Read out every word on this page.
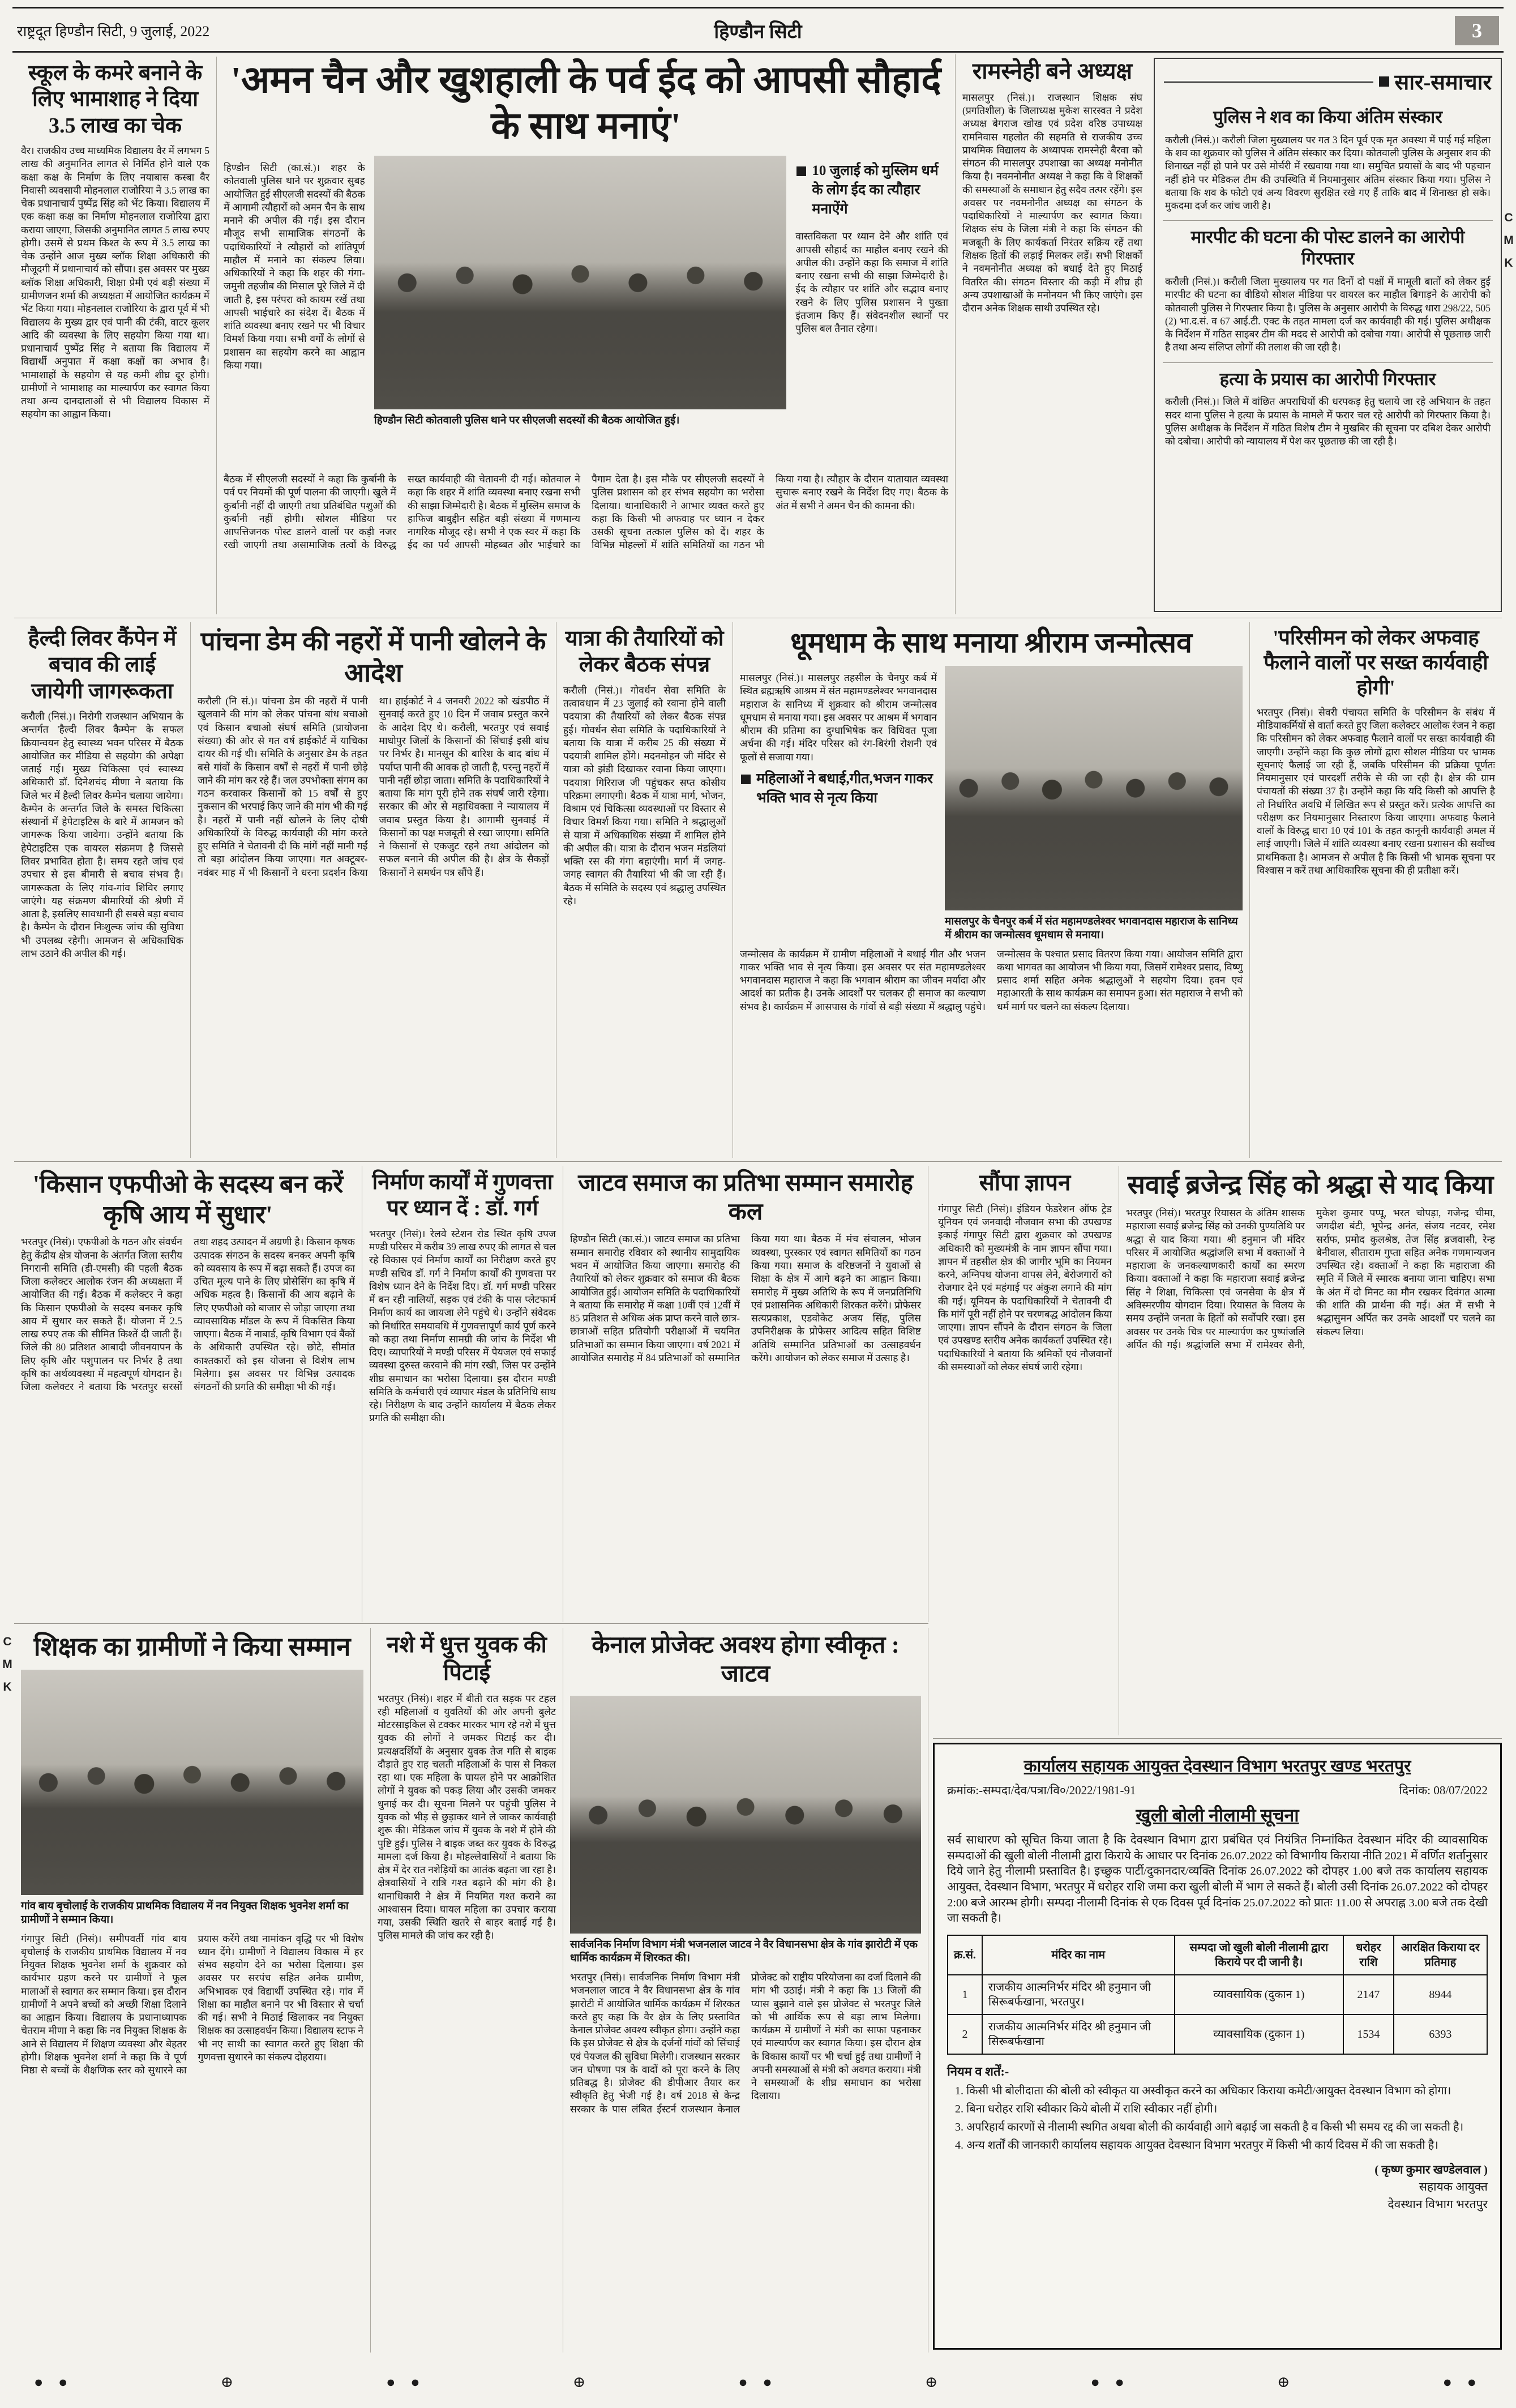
राष्ट्रदूत हिण्डौन सिटी, 9 जुलाई, 2022	हिण्डौन सिटी	3
स्कूल के कमरे बनाने के लिए भामाशाह ने दिया 3.5 लाख का चेक
वैर। राजकीय उच्च माध्यमिक विद्यालय वैर में लगभग 5 लाख की अनुमानित लागत से निर्मित होने वाले एक कक्षा कक्ष के निर्माण के लिए नयाबास कस्बा वैर निवासी व्यवसायी मोहनलाल राजोरिया ने 3.5 लाख का चेक प्रधानाचार्य पुष्पेंद्र सिंह को भेंट किया। विद्यालय में एक कक्षा कक्ष का निर्माण मोहनलाल राजोरिया द्वारा कराया जाएगा, जिसकी अनुमानित लागत 5 लाख रुपए होगी। उसमें से प्रथम किश्त के रूप में 3.5 लाख का चेक उन्होंने आज मुख्य ब्लॉक शिक्षा अधिकारी की मौजूदगी में प्रधानाचार्य को सौंपा। इस अवसर पर मुख्य ब्लॉक शिक्षा अधिकारी, शिक्षा प्रेमी एवं बड़ी संख्या में ग्रामीणजन शर्मा की अध्यक्षता में आयोजित कार्यक्रम में भेंट किया गया। मोहनलाल राजोरिया के द्वारा पूर्व में भी विद्यालय के मुख्य द्वार एवं पानी की टंकी, वाटर कूलर आदि की व्यवस्था के लिए सहयोग किया गया था। प्रधानाचार्य पुष्पेंद्र सिंह ने बताया कि विद्यालय में विद्यार्थी अनुपात में कक्षा कक्षों का अभाव है। भामाशाहों के सहयोग से यह कमी शीघ्र दूर होगी। ग्रामीणों ने भामाशाह का माल्यार्पण कर स्वागत किया तथा अन्य दानदाताओं से भी विद्यालय विकास में सहयोग का आह्वान किया।
'अमन चैन और खुशहाली के पर्व ईद को आपसी सौहार्द के साथ मनाएं'
हिण्डौन सिटी (का.सं.)। शहर के कोतवाली पुलिस थाने पर शुक्रवार सुबह आयोजित हुई सीएलजी सदस्यों की बैठक में आगामी त्यौहारों को अमन चैन के साथ मनाने की अपील की गई। इस दौरान मौजूद सभी सामाजिक संगठनों के पदाधिकारियों ने त्यौहारों को शांतिपूर्ण माहौल में मनाने का संकल्प लिया। अधिकारियों ने कहा कि शहर की गंगा-जमुनी तहजीब की मिसाल पूरे जिले में दी जाती है, इस परंपरा को कायम रखें तथा आपसी भाईचारे का संदेश दें। बैठक में शांति व्यवस्था बनाए रखने पर भी विचार विमर्श किया गया। सभी वर्गों के लोगों से प्रशासन का सहयोग करने का आह्वान किया गया।
हिण्डौन सिटी कोतवाली पुलिस थाने पर सीएलजी सदस्यों की बैठक आयोजित हुई।
10 जुलाई को मुस्लिम धर्म के लोग ईद का त्यौहार मनाऐंगे
वास्तविकता पर ध्यान देने और शांति एवं आपसी सौहार्द का माहौल बनाए रखने की अपील की। उन्होंने कहा कि समाज में शांति बनाए रखना सभी की साझा जिम्मेदारी है। ईद के त्यौहार पर शांति और सद्भाव बनाए रखने के लिए पुलिस प्रशासन ने पुख्ता इंतजाम किए हैं। संवेदनशील स्थानों पर पुलिस बल तैनात रहेगा।
बैठक में सीएलजी सदस्यों ने कहा कि कुर्बानी के पर्व पर नियमों की पूर्ण पालना की जाएगी। खुले में कुर्बानी नहीं दी जाएगी तथा प्रतिबंधित पशुओं की कुर्बानी नहीं होगी। सोशल मीडिया पर आपत्तिजनक पोस्ट डालने वालों पर कड़ी नजर रखी जाएगी तथा असामाजिक तत्वों के विरुद्ध सख्त कार्यवाही की चेतावनी दी गई। कोतवाल ने कहा कि शहर में शांति व्यवस्था बनाए रखना सभी की साझा जिम्मेदारी है। बैठक में मुस्लिम समाज के हाफिज बाबुद्दीन सहित बड़ी संख्या में गणमान्य नागरिक मौजूद रहे। सभी ने एक स्वर में कहा कि ईद का पर्व आपसी मोहब्बत और भाईचारे का पैगाम देता है। इस मौके पर सीएलजी सदस्यों ने पुलिस प्रशासन को हर संभव सहयोग का भरोसा दिलाया। थानाधिकारी ने आभार व्यक्त करते हुए कहा कि किसी भी अफवाह पर ध्यान न देकर उसकी सूचना तत्काल पुलिस को दें। शहर के विभिन्न मोहल्लों में शांति समितियों का गठन भी किया गया है। त्यौहार के दौरान यातायात व्यवस्था सुचारू बनाए रखने के निर्देश दिए गए। बैठक के अंत में सभी ने अमन चैन की कामना की।
रामस्नेही बने अध्यक्ष
मासलपुर (निसं.)। राजस्थान शिक्षक संघ (प्रगतिशील) के जिलाध्यक्ष मुकेश सारस्वत ने प्रदेश अध्यक्ष बेगराज खोख एवं प्रदेश वरिष्ठ उपाध्यक्ष रामनिवास गहलोत की सहमति से राजकीय उच्च प्राथमिक विद्यालय के अध्यापक रामस्नेही बैरवा को संगठन की मासलपुर उपशाखा का अध्यक्ष मनोनीत किया है। नवमनोनीत अध्यक्ष ने कहा कि वे शिक्षकों की समस्याओं के समाधान हेतु सदैव तत्पर रहेंगे। इस अवसर पर नवमनोनीत अध्यक्ष का संगठन के पदाधिकारियों ने माल्यार्पण कर स्वागत किया। शिक्षक संघ के जिला मंत्री ने कहा कि संगठन की मजबूती के लिए कार्यकर्ता निरंतर सक्रिय रहें तथा शिक्षक हितों की लड़ाई मिलकर लड़ें। सभी शिक्षकों ने नवमनोनीत अध्यक्ष को बधाई देते हुए मिठाई वितरित की। संगठन विस्तार की कड़ी में शीघ्र ही अन्य उपशाखाओं के मनोनयन भी किए जाएंगे। इस दौरान अनेक शिक्षक साथी उपस्थित रहे।
सार-समाचार
पुलिस ने शव का किया अंतिम संस्कार
करौली (निसं.)। करौली जिला मुख्यालय पर गत 3 दिन पूर्व एक मृत अवस्था में पाई गई महिला के शव का शुक्रवार को पुलिस ने अंतिम संस्कार कर दिया। कोतवाली पुलिस के अनुसार शव की शिनाख्त नहीं हो पाने पर उसे मोर्चरी में रखवाया गया था। समुचित प्रयासों के बाद भी पहचान नहीं होने पर मेडिकल टीम की उपस्थिति में नियमानुसार अंतिम संस्कार किया गया। पुलिस ने बताया कि शव के फोटो एवं अन्य विवरण सुरक्षित रखे गए हैं ताकि बाद में शिनाख्त हो सके। मुकदमा दर्ज कर जांच जारी है।
मारपीट की घटना की पोस्ट डालने का आरोपी गिरफ्तार
करौली (निसं.)। करौली जिला मुख्यालय पर गत दिनों दो पक्षों में मामूली बातों को लेकर हुई मारपीट की घटना का वीडियो सोशल मीडिया पर वायरल कर माहौल बिगाड़ने के आरोपी को कोतवाली पुलिस ने गिरफ्तार किया है। पुलिस के अनुसार आरोपी के विरुद्ध धारा 298/22, 505 (2) भा.द.सं. व 67 आई.टी. एक्ट के तहत मामला दर्ज कर कार्यवाही की गई। पुलिस अधीक्षक के निर्देशन में गठित साइबर टीम की मदद से आरोपी को दबोचा गया। आरोपी से पूछताछ जारी है तथा अन्य संलिप्त लोगों की तलाश की जा रही है।
हत्या के प्रयास का आरोपी गिरफ्तार
करौली (निसं.)। जिले में वांछित अपराधियों की धरपकड़ हेतु चलाये जा रहे अभियान के तहत सदर थाना पुलिस ने हत्या के प्रयास के मामले में फरार चल रहे आरोपी को गिरफ्तार किया है। पुलिस अधीक्षक के निर्देशन में गठित विशेष टीम ने मुखबिर की सूचना पर दबिश देकर आरोपी को दबोचा। आरोपी को न्यायालय में पेश कर पूछताछ की जा रही है।
हैल्दी लिवर कैंपेन में बचाव की लाई जायेगी जागरूकता
करौली (निसं.)। निरोगी राजस्थान अभियान के अन्तर्गत 'हैल्दी लिवर कैम्पेन' के सफल क्रियान्वयन हेतु स्वास्थ्य भवन परिसर में बैठक आयोजित कर मीडिया से सहयोग की अपेक्षा जताई गई। मुख्य चिकित्सा एवं स्वास्थ्य अधिकारी डॉ. दिनेशचंद मीणा ने बताया कि जिले भर में हैल्दी लिवर कैम्पेन चलाया जायेगा। कैम्पेन के अन्तर्गत जिले के समस्त चिकित्सा संस्थानों में हेपेटाइटिस के बारे में आमजन को जागरूक किया जावेगा। उन्होंने बताया कि हेपेटाइटिस एक वायरल संक्रमण है जिससे लिवर प्रभावित होता है। समय रहते जांच एवं उपचार से इस बीमारी से बचाव संभव है। जागरूकता के लिए गांव-गांव शिविर लगाए जाएंगे। यह संक्रमण बीमारियों की श्रेणी में आता है, इसलिए सावधानी ही सबसे बड़ा बचाव है। कैम्पेन के दौरान निःशुल्क जांच की सुविधा भी उपलब्ध रहेगी। आमजन से अधिकाधिक लाभ उठाने की अपील की गई।
पांचना डेम की नहरों में पानी खोलने के आदेश
करौली (नि सं.)। पांचना डेम की नहरों में पानी खुलवाने की मांग को लेकर पांचना बांध बचाओ एवं किसान बचाओ संघर्ष समिति (प्रायोजना संख्या) की ओर से गत वर्ष हाईकोर्ट में याचिका दायर की गई थी। समिति के अनुसार डेम के तहत बसे गांवों के किसान वर्षों से नहरों में पानी छोड़े जाने की मांग कर रहे हैं। जल उपभोक्ता संगम का गठन करवाकर किसानों को 15 वर्षों से हुए नुकसान की भरपाई किए जाने की मांग भी की गई है। नहरों में पानी नहीं खोलने के लिए दोषी अधिकारियों के विरुद्ध कार्यवाही की मांग करते हुए समिति ने चेतावनी दी कि मांगें नहीं मानी गईं तो बड़ा आंदोलन किया जाएगा। गत अक्टूबर-नवंबर माह में भी किसानों ने धरना प्रदर्शन किया था। हाईकोर्ट ने 4 जनवरी 2022 को खंडपीठ में सुनवाई करते हुए 10 दिन में जवाब प्रस्तुत करने के आदेश दिए थे। करौली, भरतपुर एवं सवाई माधोपुर जिलों के किसानों की सिंचाई इसी बांध पर निर्भर है। मानसून की बारिश के बाद बांध में पर्याप्त पानी की आवक हो जाती है, परन्तु नहरों में पानी नहीं छोड़ा जाता। समिति के पदाधिकारियों ने बताया कि मांग पूरी होने तक संघर्ष जारी रहेगा। सरकार की ओर से महाधिवक्ता ने न्यायालय में जवाब प्रस्तुत किया है। आगामी सुनवाई में किसानों का पक्ष मजबूती से रखा जाएगा। समिति ने किसानों से एकजुट रहने तथा आंदोलन को सफल बनाने की अपील की है। क्षेत्र के सैकड़ों किसानों ने समर्थन पत्र सौंपे हैं।
यात्रा की तैयारियों को लेकर बैठक संपन्न
करौली (निसं.)। गोवर्धन सेवा समिति के तत्वावधान में 23 जुलाई को रवाना होने वाली पदयात्रा की तैयारियों को लेकर बैठक संपन्न हुई। गोवर्धन सेवा समिति के पदाधिकारियों ने बताया कि यात्रा में करीब 25 की संख्या में पदयात्री शामिल होंगे। मदनमोहन जी मंदिर से यात्रा को झंडी दिखाकर रवाना किया जाएगा। पदयात्रा गिरिराज जी पहुंचकर सप्त कोसीय परिक्रमा लगाएगी। बैठक में यात्रा मार्ग, भोजन, विश्राम एवं चिकित्सा व्यवस्थाओं पर विस्तार से विचार विमर्श किया गया। समिति ने श्रद्धालुओं से यात्रा में अधिकाधिक संख्या में शामिल होने की अपील की। यात्रा के दौरान भजन मंडलियां भक्ति रस की गंगा बहाएंगी। मार्ग में जगह-जगह स्वागत की तैयारियां भी की जा रही हैं। बैठक में समिति के सदस्य एवं श्रद्धालु उपस्थित रहे।
धूमधाम के साथ मनाया श्रीराम जन्मोत्सव
मासलपुर (निसं.)। मासलपुर तहसील के चैनपुर कर्ब में स्थित ब्रह्मऋषि आश्रम में संत महामण्डलेश्वर भगवानदास महाराज के सानिध्य में शुक्रवार को श्रीराम जन्मोत्सव धूमधाम से मनाया गया। इस अवसर पर आश्रम में भगवान श्रीराम की प्रतिमा का दुग्धाभिषेक कर विधिवत पूजा अर्चना की गई। मंदिर परिसर को रंग-बिरंगी रोशनी एवं फूलों से सजाया गया।
महिलाओं ने बधाई,गीत,भजन गाकर भक्ति भाव से नृत्य किया
मासलपुर के चैनपुर कर्ब में संत महामण्डलेश्वर भगवानदास महाराज के सानिध्य में श्रीराम का जन्मोत्सव धूमधाम से मनाया।
जन्मोत्सव के कार्यक्रम में ग्रामीण महिलाओं ने बधाई गीत और भजन गाकर भक्ति भाव से नृत्य किया। इस अवसर पर संत महामण्डलेश्वर भगवानदास महाराज ने कहा कि भगवान श्रीराम का जीवन मर्यादा और आदर्श का प्रतीक है। उनके आदर्शों पर चलकर ही समाज का कल्याण संभव है। कार्यक्रम में आसपास के गांवों से बड़ी संख्या में श्रद्धालु पहुंचे। जन्मोत्सव के पश्चात प्रसाद वितरण किया गया। आयोजन समिति द्वारा कथा भागवत का आयोजन भी किया गया, जिसमें रामेश्वर प्रसाद, विष्णु प्रसाद शर्मा सहित अनेक श्रद्धालुओं ने सहयोग दिया। हवन एवं महाआरती के साथ कार्यक्रम का समापन हुआ। संत महाराज ने सभी को धर्म मार्ग पर चलने का संकल्प दिलाया।
'परिसीमन को लेकर अफवाह फैलाने वालों पर सख्त कार्यवाही होगी'
भरतपुर (निसं)। सेवरी पंचायत समिति के परिसीमन के संबंध में मीडियाकर्मियों से वार्ता करते हुए जिला कलेक्टर आलोक रंजन ने कहा कि परिसीमन को लेकर अफवाह फैलाने वालों पर सख्त कार्यवाही की जाएगी। उन्होंने कहा कि कुछ लोगों द्वारा सोशल मीडिया पर भ्रामक सूचनाएं फैलाई जा रही हैं, जबकि परिसीमन की प्रक्रिया पूर्णतः नियमानुसार एवं पारदर्शी तरीके से की जा रही है। क्षेत्र की ग्राम पंचायतों की संख्या 37 है। उन्होंने कहा कि यदि किसी को आपत्ति है तो निर्धारित अवधि में लिखित रूप से प्रस्तुत करें। प्रत्येक आपत्ति का परीक्षण कर नियमानुसार निस्तारण किया जाएगा। अफवाह फैलाने वालों के विरुद्ध धारा 10 एवं 101 के तहत कानूनी कार्यवाही अमल में लाई जाएगी। जिले में शांति व्यवस्था बनाए रखना प्रशासन की सर्वोच्च प्राथमिकता है। आमजन से अपील है कि किसी भी भ्रामक सूचना पर विश्वास न करें तथा आधिकारिक सूचना की ही प्रतीक्षा करें।
'किसान एफपीओ के सदस्य बन करें कृषि आय में सुधार'
भरतपुर (निसं)। एफपीओ के गठन और संवर्धन हेतु केंद्रीय क्षेत्र योजना के अंतर्गत जिला स्तरीय निगरानी समिति (डी-एमसी) की पहली बैठक जिला कलेक्टर आलोक रंजन की अध्यक्षता में आयोजित की गई। बैठक में कलेक्टर ने कहा कि किसान एफपीओ के सदस्य बनकर कृषि आय में सुधार कर सकते हैं। योजना में 2.5 लाख रुपए तक की सीमित किश्तें दी जाती हैं। जिले की 80 प्रतिशत आबादी जीवनयापन के लिए कृषि और पशुपालन पर निर्भर है तथा कृषि का अर्थव्यवस्था में महत्वपूर्ण योगदान है। जिला कलेक्टर ने बताया कि भरतपुर सरसों तथा शहद उत्पादन में अग्रणी है। किसान कृषक उत्पादक संगठन के सदस्य बनकर अपनी कृषि को व्यवसाय के रूप में बढ़ा सकते हैं। उपज का उचित मूल्य पाने के लिए प्रोसेसिंग का कृषि में अधिक महत्व है। किसानों की आय बढ़ाने के लिए एफपीओ को बाजार से जोड़ा जाएगा तथा व्यावसायिक मॉडल के रूप में विकसित किया जाएगा। बैठक में नाबार्ड, कृषि विभाग एवं बैंकों के अधिकारी उपस्थित रहे। छोटे, सीमांत काश्तकारों को इस योजना से विशेष लाभ मिलेगा। इस अवसर पर विभिन्न उत्पादक संगठनों की प्रगति की समीक्षा भी की गई।
निर्माण कार्यों में गुणवत्ता पर ध्यान दें : डॉ. गर्ग
भरतपुर (निसं)। रेलवे स्टेशन रोड स्थित कृषि उपज मण्डी परिसर में करीब 39 लाख रुपए की लागत से चल रहे विकास एवं निर्माण कार्यों का निरीक्षण करते हुए मण्डी सचिव डॉ. गर्ग ने निर्माण कार्यों की गुणवत्ता पर विशेष ध्यान देने के निर्देश दिए। डॉ. गर्ग मण्डी परिसर में बन रही नालियों, सड़क एवं टंकी के पास प्लेटफार्म निर्माण कार्य का जायजा लेने पहुंचे थे। उन्होंने संवेदक को निर्धारित समयावधि में गुणवत्तापूर्ण कार्य पूर्ण करने को कहा तथा निर्माण सामग्री की जांच के निर्देश भी दिए। व्यापारियों ने मण्डी परिसर में पेयजल एवं सफाई व्यवस्था दुरुस्त करवाने की मांग रखी, जिस पर उन्होंने शीघ्र समाधान का भरोसा दिलाया। इस दौरान मण्डी समिति के कर्मचारी एवं व्यापार मंडल के प्रतिनिधि साथ रहे। निरीक्षण के बाद उन्होंने कार्यालय में बैठक लेकर प्रगति की समीक्षा की।
जाटव समाज का प्रतिभा सम्मान समारोह कल
हिण्डौन सिटी (का.सं.)। जाटव समाज का प्रतिभा सम्मान समारोह रविवार को स्थानीय सामुदायिक भवन में आयोजित किया जाएगा। समारोह की तैयारियों को लेकर शुक्रवार को समाज की बैठक आयोजित हुई। आयोजन समिति के पदाधिकारियों ने बताया कि समारोह में कक्षा 10वीं एवं 12वीं में 85 प्रतिशत से अधिक अंक प्राप्त करने वाले छात्र-छात्राओं सहित प्रतियोगी परीक्षाओं में चयनित प्रतिभाओं का सम्मान किया जाएगा। वर्ष 2021 में आयोजित समारोह में 84 प्रतिभाओं को सम्मानित किया गया था। बैठक में मंच संचालन, भोजन व्यवस्था, पुरस्कार एवं स्वागत समितियों का गठन किया गया। समाज के वरिष्ठजनों ने युवाओं से शिक्षा के क्षेत्र में आगे बढ़ने का आह्वान किया। समारोह में मुख्य अतिथि के रूप में जनप्रतिनिधि एवं प्रशासनिक अधिकारी शिरकत करेंगे। प्रोफेसर सत्यप्रकाश, एडवोकेट अजय सिंह, पुलिस उपनिरीक्षक के प्रोफेसर आदित्य सहित विशिष्ट अतिथि सम्मानित प्रतिभाओं का उत्साहवर्धन करेंगे। आयोजन को लेकर समाज में उत्साह है।
सौंपा ज्ञापन
गंगापुर सिटी (निसं)। इंडियन फेडरेशन ऑफ ट्रेड यूनियन एवं जनवादी नौजवान सभा की उपखण्ड इकाई गंगापुर सिटी द्वारा शुक्रवार को उपखण्ड अधिकारी को मुख्यमंत्री के नाम ज्ञापन सौंपा गया। ज्ञापन में तहसील क्षेत्र की जागीर भूमि का नियमन करने, अग्निपथ योजना वापस लेने, बेरोजगारों को रोजगार देने एवं महंगाई पर अंकुश लगाने की मांग की गई। यूनियन के पदाधिकारियों ने चेतावनी दी कि मांगें पूरी नहीं होने पर चरणबद्ध आंदोलन किया जाएगा। ज्ञापन सौंपने के दौरान संगठन के जिला एवं उपखण्ड स्तरीय अनेक कार्यकर्ता उपस्थित रहे। पदाधिकारियों ने बताया कि श्रमिकों एवं नौजवानों की समस्याओं को लेकर संघर्ष जारी रहेगा।
सवाई ब्रजेन्द्र सिंह को श्रद्धा से याद किया
भरतपुर (निसं)। भरतपुर रियासत के अंतिम शासक महाराजा सवाई ब्रजेन्द्र सिंह को उनकी पुण्यतिथि पर श्रद्धा से याद किया गया। श्री हनुमान जी मंदिर परिसर में आयोजित श्रद्धांजलि सभा में वक्ताओं ने महाराजा के जनकल्याणकारी कार्यों का स्मरण किया। वक्ताओं ने कहा कि महाराजा सवाई ब्रजेन्द्र सिंह ने शिक्षा, चिकित्सा एवं जनसेवा के क्षेत्र में अविस्मरणीय योगदान दिया। रियासत के विलय के समय उन्होंने जनता के हितों को सर्वोपरि रखा। इस अवसर पर उनके चित्र पर माल्यार्पण कर पुष्पांजलि अर्पित की गई। श्रद्धांजलि सभा में रामेश्वर सैनी, मुकेश कुमार पप्पू, भरत चोपड़ा, गजेन्द्र चीमा, जगदीश बंटी, भूपेन्द्र अनंत, संजय नटवर, रमेश सर्राफ, प्रमोद कुलश्रेष्ठ, तेज सिंह ब्रजवासी, रेन्ह बेनीवाल, सीताराम गुप्ता सहित अनेक गणमान्यजन उपस्थित रहे। वक्ताओं ने कहा कि महाराजा की स्मृति में जिले में स्मारक बनाया जाना चाहिए। सभा के अंत में दो मिनट का मौन रखकर दिवंगत आत्मा की शांति की प्रार्थना की गई। अंत में सभी ने श्रद्धासुमन अर्पित कर उनके आदर्शों पर चलने का संकल्प लिया।
शिक्षक का ग्रामीणों ने किया सम्मान
गांव बाय बृचोलाई के राजकीय प्राथमिक विद्यालय में नव नियुक्त शिक्षक भुवनेश शर्मा का ग्रामीणों ने सम्मान किया।
गंगापुर सिटी (निसं)। समीपवर्ती गांव बाय बृचोलाई के राजकीय प्राथमिक विद्यालय में नव नियुक्त शिक्षक भुवनेश शर्मा के शुक्रवार को कार्यभार ग्रहण करने पर ग्रामीणों ने फूल मालाओं से स्वागत कर सम्मान किया। इस दौरान ग्रामीणों ने अपने बच्चों को अच्छी शिक्षा दिलाने का आह्वान किया। विद्यालय के प्रधानाध्यापक चेतराम मीणा ने कहा कि नव नियुक्त शिक्षक के आने से विद्यालय में शिक्षण व्यवस्था और बेहतर होगी। शिक्षक भुवनेश शर्मा ने कहा कि वे पूर्ण निष्ठा से बच्चों के शैक्षणिक स्तर को सुधारने का प्रयास करेंगे तथा नामांकन वृद्धि पर भी विशेष ध्यान देंगे। ग्रामीणों ने विद्यालय विकास में हर संभव सहयोग देने का भरोसा दिलाया। इस अवसर पर सरपंच सहित अनेक ग्रामीण, अभिभावक एवं विद्यार्थी उपस्थित रहे। गांव में शिक्षा का माहौल बनाने पर भी विस्तार से चर्चा की गई। सभी ने मिठाई खिलाकर नव नियुक्त शिक्षक का उत्साहवर्धन किया। विद्यालय स्टाफ ने भी नए साथी का स्वागत करते हुए शिक्षा की गुणवत्ता सुधारने का संकल्प दोहराया।
नशे में धुत्त युवक की पिटाई
भरतपुर (निसं)। शहर में बीती रात सड़क पर टहल रही महिलाओं व युवतियों की ओर अपनी बुलेट मोटरसाइकिल से टक्कर मारकर भाग रहे नशे में धुत्त युवक की लोगों ने जमकर पिटाई कर दी। प्रत्यक्षदर्शियों के अनुसार युवक तेज गति से बाइक दौड़ाते हुए राह चलती महिलाओं के पास से निकल रहा था। एक महिला के घायल होने पर आक्रोशित लोगों ने युवक को पकड़ लिया और उसकी जमकर धुनाई कर दी। सूचना मिलने पर पहुंची पुलिस ने युवक को भीड़ से छुड़ाकर थाने ले जाकर कार्यवाही शुरू की। मेडिकल जांच में युवक के नशे में होने की पुष्टि हुई। पुलिस ने बाइक जब्त कर युवक के विरुद्ध मामला दर्ज किया है। मोहल्लेवासियों ने बताया कि क्षेत्र में देर रात नशेड़ियों का आतंक बढ़ता जा रहा है। क्षेत्रवासियों ने रात्रि गश्त बढ़ाने की मांग की है। थानाधिकारी ने क्षेत्र में नियमित गश्त कराने का आश्वासन दिया। घायल महिला का उपचार कराया गया, उसकी स्थिति खतरे से बाहर बताई गई है। पुलिस मामले की जांच कर रही है।
केनाल प्रोजेक्ट अवश्य होगा स्वीकृत : जाटव
सार्वजनिक निर्माण विभाग मंत्री भजनलाल जाटव ने वैर विधानसभा क्षेत्र के गांव झारोटी में एक धार्मिक कार्यक्रम में शिरकत की।
भरतपुर (निसं)। सार्वजनिक निर्माण विभाग मंत्री भजनलाल जाटव ने वैर विधानसभा क्षेत्र के गांव झारोटी में आयोजित धार्मिक कार्यक्रम में शिरकत करते हुए कहा कि वैर क्षेत्र के लिए प्रस्तावित केनाल प्रोजेक्ट अवश्य स्वीकृत होगा। उन्होंने कहा कि इस प्रोजेक्ट से क्षेत्र के दर्जनों गांवों को सिंचाई एवं पेयजल की सुविधा मिलेगी। राजस्थान सरकार जन घोषणा पत्र के वादों को पूरा करने के लिए प्रतिबद्ध है। प्रोजेक्ट की डीपीआर तैयार कर स्वीकृति हेतु भेजी गई है। वर्ष 2018 से केन्द्र सरकार के पास लंबित ईस्टर्न राजस्थान केनाल प्रोजेक्ट को राष्ट्रीय परियोजना का दर्जा दिलाने की मांग भी उठाई। मंत्री ने कहा कि 13 जिलों की प्यास बुझाने वाले इस प्रोजेक्ट से भरतपुर जिले को भी आर्थिक रूप से बड़ा लाभ मिलेगा। कार्यक्रम में ग्रामीणों ने मंत्री का साफा पहनाकर एवं माल्यार्पण कर स्वागत किया। इस दौरान क्षेत्र के विकास कार्यों पर भी चर्चा हुई तथा ग्रामीणों ने अपनी समस्याओं से मंत्री को अवगत कराया। मंत्री ने समस्याओं के शीघ्र समाधान का भरोसा दिलाया।
कार्यालय सहायक आयुक्त देवस्थान विभाग भरतपुर खण्ड भरतपुर
क्रमांक:-सम्पदा/देव/पत्रा/वि०/2022/1981-91	दिनांक: 08/07/2022
खुली बोली नीलामी सूचना
सर्व साधारण को सूचित किया जाता है कि देवस्थान विभाग द्वारा प्रबंधित एवं नियंत्रित निम्नांकित देवस्थान मंदिर की व्यावसायिक सम्पदाओं की खुली बोली नीलामी द्वारा किराये के आधार पर दिनांक 26.07.2022 को विभागीय किराया नीति 2021 में वर्णित शर्तानुसार दिये जाने हेतु नीलामी प्रस्तावित है। इच्छुक पार्टी/दुकानदार/व्यक्ति दिनांक 26.07.2022 को दोपहर 1.00 बजे तक कार्यालय सहायक आयुक्त, देवस्थान विभाग, भरतपुर में धरोहर राशि जमा करा खुली बोली में भाग ले सकते हैं। बोली उसी दिनांक 26.07.2022 को दोपहर 2:00 बजे आरम्भ होगी। सम्पदा नीलामी दिनांक से एक दिवस पूर्व दिनांक 25.07.2022 को प्रातः 11.00 से अपराह्न 3.00 बजे तक देखी जा सकती है।
क्र.सं.	मंदिर का नाम	सम्पदा जो खुली बोली नीलामी द्वारा किराये पर दी जानी है।	धरोहर राशि	आरक्षित किराया दर प्रतिमाह
1	राजकीय आत्मनिर्भर मंदिर श्री हनुमान जी सिरूबर्फखाना, भरतपुर।	व्यावसायिक (दुकान 1)	2147	8944
2	राजकीय आत्मनिर्भर मंदिर श्री हनुमान जी सिरूबर्फखाना	व्यावसायिक (दुकान 1)	1534	6393
नियम व शर्तें:-
1. किसी भी बोलीदाता की बोली को स्वीकृत या अस्वीकृत करने का अधिकार किराया कमेटी/आयुक्त देवस्थान विभाग को होगा।
2. बिना धरोहर राशि स्वीकार किये बोली में राशि स्वीकार नहीं होगी।
3. अपरिहार्य कारणों से नीलामी स्थगित अथवा बोली की कार्यवाही आगे बढ़ाई जा सकती है व किसी भी समय रद्द की जा सकती है।
4. अन्य शर्तों की जानकारी कार्यालय सहायक आयुक्त देवस्थान विभाग भरतपुर में किसी भी कार्य दिवस में की जा सकती है।
( कृष्ण कुमार खण्डेलवाल )
सहायक आयुक्त
देवस्थान विभाग भरतपुर
C
M
K
C
M
K
● ●	⊕	● ●	⊕	● ●	⊕	● ●	⊕	● ●
